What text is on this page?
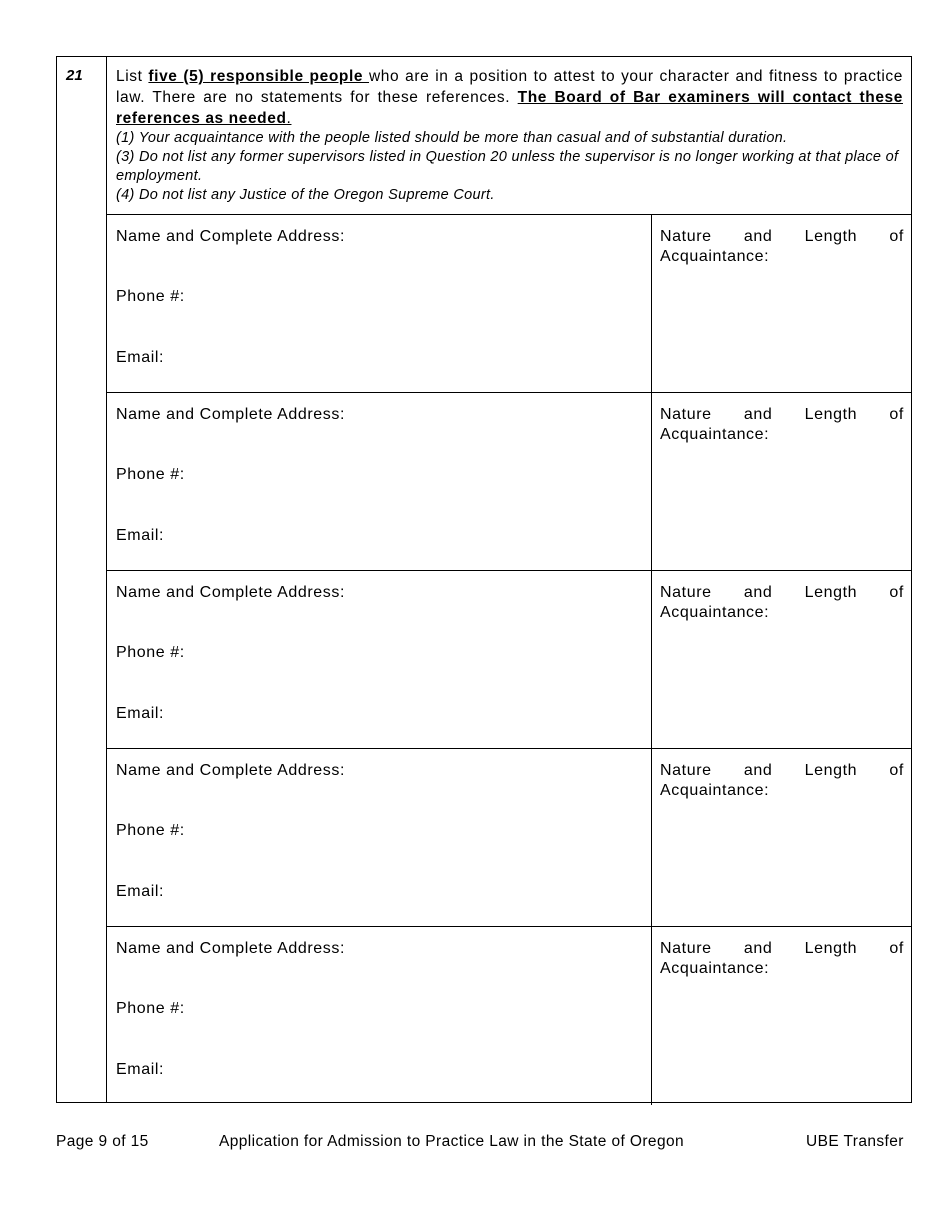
21 List five (5) responsible people who are in a position to attest to your character and fitness to practice law. There are no statements for these references. The Board of Bar examiners will contact these references as needed.

(1) Your acquaintance with the people listed should be more than casual and of substantial duration.

(3) Do not list any former supervisors listed in Question 20 unless the supervisor is no longer working at that place of employment.

(4) Do not list any Justice of the Oregon Supreme Court.

Name and Complete Address:
Phone #:
Email:
Nature and Length of
Acquaintance:
Name and Complete Address:
Phone #:
Email:
Nature and Length of
Acquaintance:
Name and Complete Address:
Phone #:
Email:
Nature and Length of
Acquaintance:
Name and Complete Address:
Phone #:
Email:
Nature and Length of
Acquaintance:
Name and Complete Address:
Phone #:
Email:
Nature and Length of
Acquaintance:
Page 9 of 15	Application for Admission to Practice Law in the State of Oregon	UBE Transfer
